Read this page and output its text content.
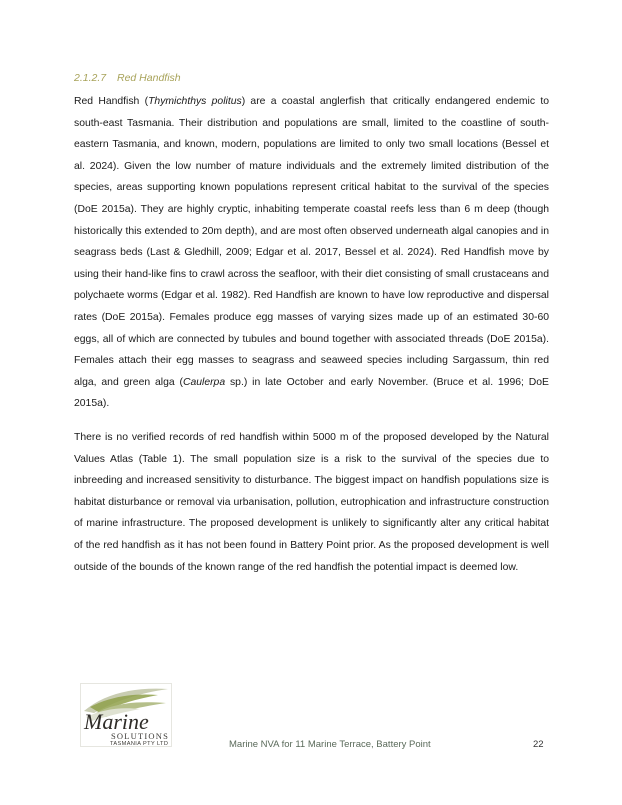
2.1.2.7 Red Handfish

Red Handfish (Thymichthys politus) are a coastal anglerfish that critically endangered endemic to south-east Tasmania. Their distribution and populations are small, limited to the coastline of south-eastern Tasmania, and known, modern, populations are limited to only two small locations (Bessel et al. 2024). Given the low number of mature individuals and the extremely limited distribution of the species, areas supporting known populations represent critical habitat to the survival of the species (DoE 2015a). They are highly cryptic, inhabiting temperate coastal reefs less than 6 m deep (though historically this extended to 20m depth), and are most often observed underneath algal canopies and in seagrass beds (Last & Gledhill, 2009; Edgar et al. 2017, Bessel et al. 2024). Red Handfish move by using their hand-like fins to crawl across the seafloor, with their diet consisting of small crustaceans and polychaete worms (Edgar et al. 1982). Red Handfish are known to have low reproductive and dispersal rates (DoE 2015a). Females produce egg masses of varying sizes made up of an estimated 30-60 eggs, all of which are connected by tubules and bound together with associated threads (DoE 2015a). Females attach their egg masses to seagrass and seaweed species including Sargassum, thin red alga, and green alga (Caulerpa sp.) in late October and early November. (Bruce et al. 1996; DoE 2015a).

There is no verified records of red handfish within 5000 m of the proposed developed by the Natural Values Atlas (Table 1). The small population size is a risk to the survival of the species due to inbreeding and increased sensitivity to disturbance. The biggest impact on handfish populations size is habitat disturbance or removal via urbanisation, pollution, eutrophication and infrastructure construction of marine infrastructure. The proposed development is unlikely to significantly alter any critical habitat of the red handfish as it has not been found in Battery Point prior. As the proposed development is well outside of the bounds of the known range of the red handfish the potential impact is deemed low.

Marine
SOLUTIONS
TASMANIA PTY LTD	Marine NVA for 11 Marine Terrace, Battery Point	22
